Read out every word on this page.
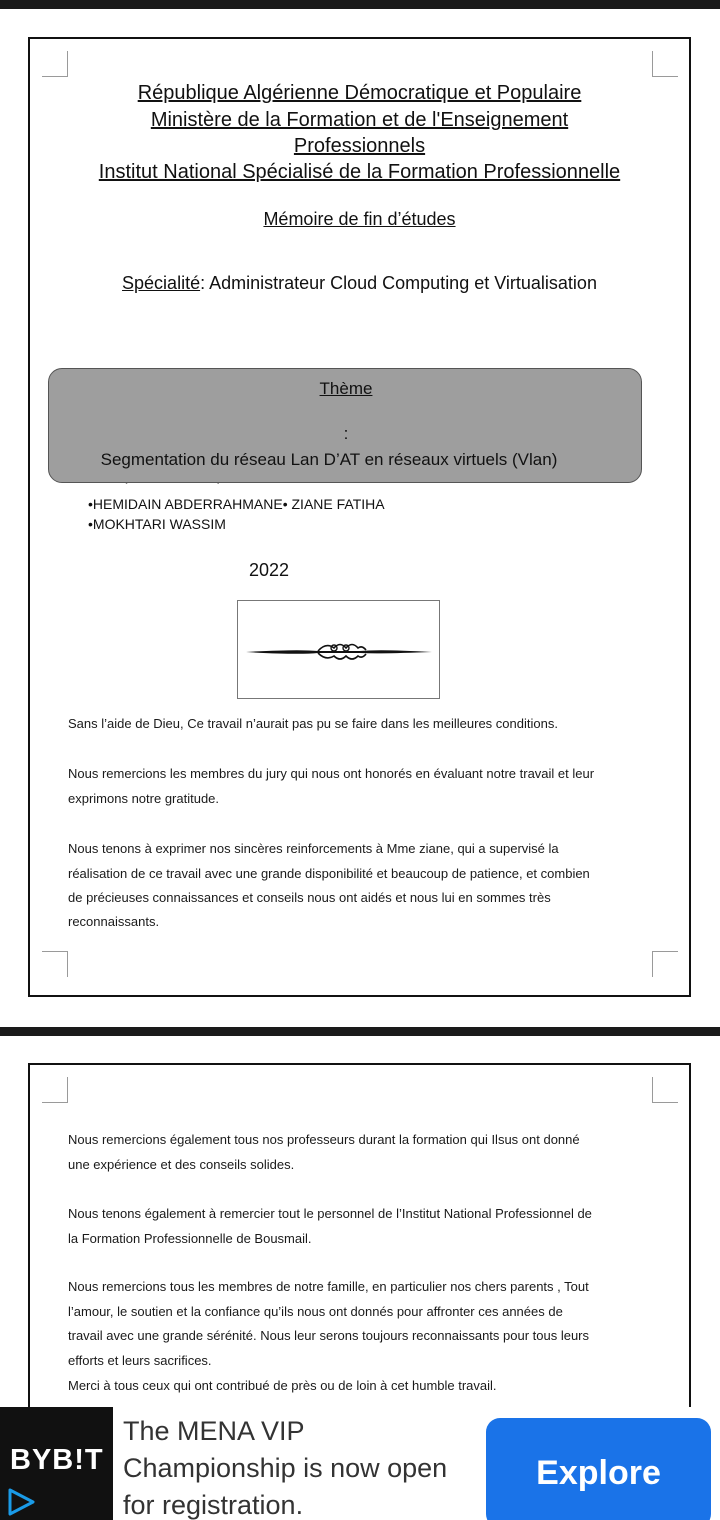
République Algérienne Démocratique et Populaire
Ministère de la Formation et de l'Enseignement
Professionnels
Institut National Spécialisé de la Formation Professionnelle
Mémoire de fin d’études
Spécialité: Administrateur Cloud Computing et Virtualisation
Thème
:
Segmentation du réseau Lan D’AT en réseaux virtuels (Vlan)
•HEMIDAIN ABDERRAHMANE• ZIANE FATIHA
•MOKHTARI WASSIM
2022
Sans l’aide de Dieu, Ce travail n’aurait pas pu se faire dans les meilleures conditions.
Nous remercions les membres du jury qui nous ont honorés en évaluant notre travail et leur
exprimons notre gratitude.
Nous tenons à exprimer nos sincères reinforcements à Mme ziane, qui a supervisé la
réalisation de ce travail avec une grande disponibilité et beaucoup de patience, et combien
de précieuses connaissances et conseils nous ont aidés et nous lui en sommes très
reconnaissants.
Nous remercions également tous nos professeurs durant la formation qui Ilsus ont donné
une expérience et des conseils solides.
Nous tenons également à remercier tout le personnel de l’Institut National Professionnel de
la Formation Professionnelle de Bousmail.
Nous remercions tous les membres de notre famille, en particulier nos chers parents , Tout
l’amour, le soutien et la confiance qu’ils nous ont donnés pour affronter ces années de
travail avec une grande sérénité. Nous leur serons toujours reconnaissants pour tous leurs
efforts et leurs sacrifices.
Merci à tous ceux qui ont contribué de près ou de loin à cet humble travail.
BYB!T
The MENA VIP Championship is now open for registration.
Explore
